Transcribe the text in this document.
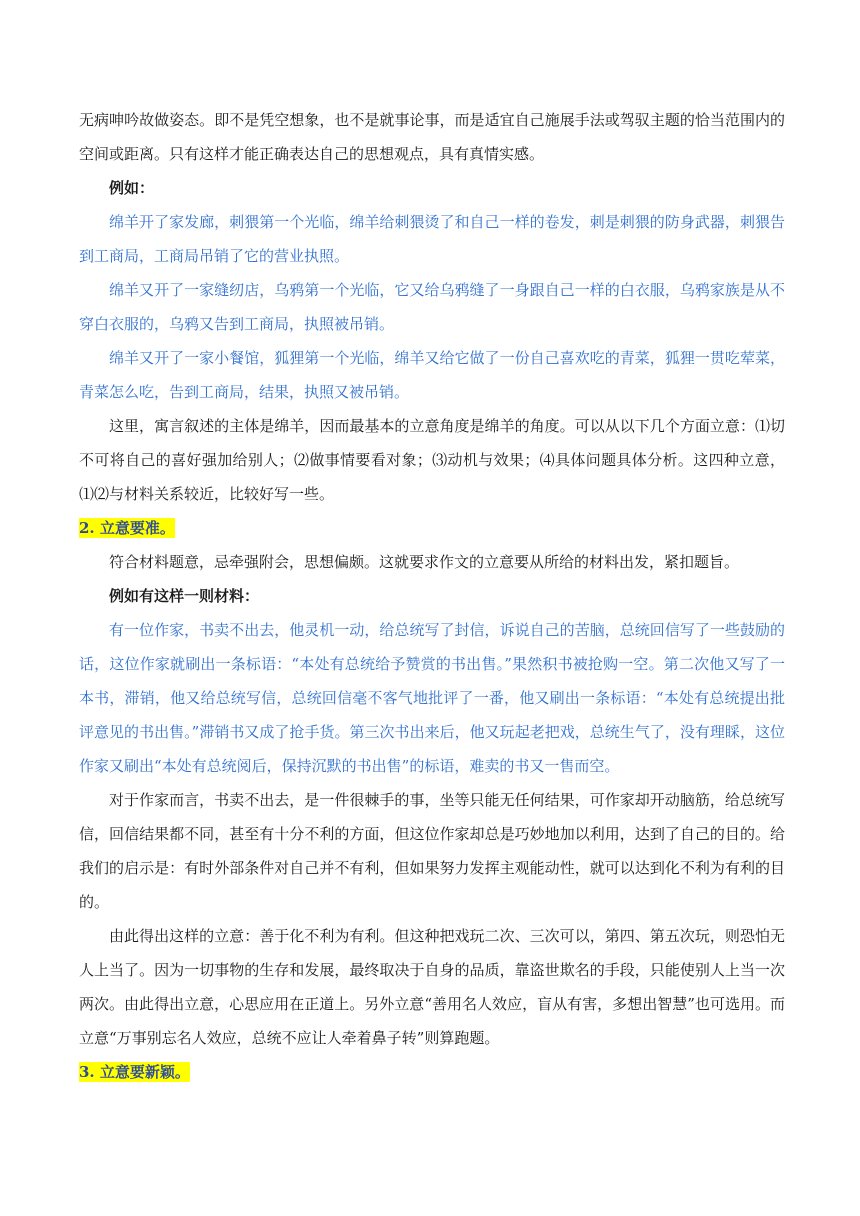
无病呻吟故做姿态。即不是凭空想象，也不是就事论事，而是适宜自己施展手法或驾驭主题的恰当范围内的空间或距离。只有这样才能正确表达自己的思想观点，具有真情实感。

例如：

绵羊开了家发廊，刺猥第一个光临，绵羊给刺猥烫了和自己一样的卷发，刺是刺猥的防身武器，刺猥告到工商局，工商局吊销了它的营业执照。

绵羊又开了一家缝纫店，乌鸦第一个光临，它又给乌鸦缝了一身跟自己一样的白衣服，乌鸦家族是从不穿白衣服的，乌鸦又告到工商局，执照被吊销。

绵羊又开了一家小餐馆，狐狸第一个光临，绵羊又给它做了一份自己喜欢吃的青菜，狐狸一贯吃荤菜，青菜怎么吃，告到工商局，结果，执照又被吊销。

这里，寓言叙述的主体是绵羊，因而最基本的立意角度是绵羊的角度。可以从以下几个方面立意：⑴切不可将自己的喜好强加给别人；⑵做事情要看对象；⑶动机与效果；⑷具体问题具体分析。这四种立意，⑴⑵与材料关系较近，比较好写一些。

2. 立意要准。

符合材料题意，忌牵强附会，思想偏颇。这就要求作文的立意要从所给的材料出发，紧扣题旨。

例如有这样一则材料：

有一位作家，书卖不出去，他灵机一动，给总统写了封信，诉说自己的苦脑，总统回信写了一些鼓励的话，这位作家就刷出一条标语：“本处有总统给予赞赏的书出售。”果然积书被抢购一空。第二次他又写了一本书，滞销，他又给总统写信，总统回信毫不客气地批评了一番，他又刷出一条标语：“本处有总统提出批评意见的书出售。”滞销书又成了抢手货。第三次书出来后，他又玩起老把戏，总统生气了，没有理睬，这位作家又刷出“本处有总统阅后，保持沉默的书出售”的标语，难卖的书又一售而空。

对于作家而言，书卖不出去，是一件很棘手的事，坐等只能无任何结果，可作家却开动脑筋，给总统写信，回信结果都不同，甚至有十分不利的方面，但这位作家却总是巧妙地加以利用，达到了自己的目的。给我们的启示是：有时外部条件对自己并不有利，但如果努力发挥主观能动性，就可以达到化不利为有利的目的。

由此得出这样的立意：善于化不利为有利。但这种把戏玩二次、三次可以，第四、第五次玩，则恐怕无人上当了。因为一切事物的生存和发展，最终取决于自身的品质，靠盗世欺名的手段，只能使别人上当一次两次。由此得出立意，心思应用在正道上。另外立意“善用名人效应，盲从有害，多想出智慧”也可选用。而立意“万事别忘名人效应，总统不应让人牵着鼻子转”则算跑题。

3. 立意要新颖。
